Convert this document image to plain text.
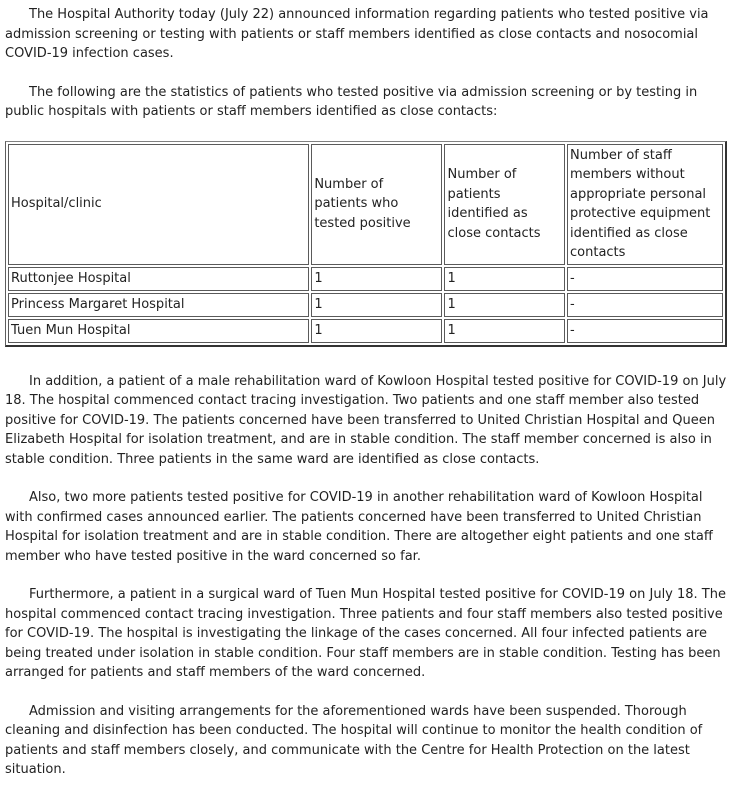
The Hospital Authority today (July 22) announced information regarding patients who tested positive via admission screening or testing with patients or staff members identified as close contacts and nosocomial COVID-19 infection cases.

The following are the statistics of patients who tested positive via admission screening or by testing in public hospitals with patients or staff members identified as close contacts:

Hospital/clinic	Number of patients who tested positive	Number of patients identified as close contacts	Number of staff members without appropriate personal protective equipment identified as close contacts
Ruttonjee Hospital	1	1	-
Princess Margaret Hospital	1	1	-
Tuen Mun Hospital	1	1	-

In addition, a patient of a male rehabilitation ward of Kowloon Hospital tested positive for COVID-19 on July 18. The hospital commenced contact tracing investigation. Two patients and one staff member also tested positive for COVID-19. The patients concerned have been transferred to United Christian Hospital and Queen Elizabeth Hospital for isolation treatment, and are in stable condition. The staff member concerned is also in stable condition. Three patients in the same ward are identified as close contacts.

Also, two more patients tested positive for COVID-19 in another rehabilitation ward of Kowloon Hospital with confirmed cases announced earlier. The patients concerned have been transferred to United Christian Hospital for isolation treatment and are in stable condition. There are altogether eight patients and one staff member who have tested positive in the ward concerned so far.

Furthermore, a patient in a surgical ward of Tuen Mun Hospital tested positive for COVID-19 on July 18. The hospital commenced contact tracing investigation. Three patients and four staff members also tested positive for COVID-19. The hospital is investigating the linkage of the cases concerned. All four infected patients are being treated under isolation in stable condition. Four staff members are in stable condition. Testing has been arranged for patients and staff members of the ward concerned.

Admission and visiting arrangements for the aforementioned wards have been suspended. Thorough cleaning and disinfection has been conducted. The hospital will continue to monitor the health condition of patients and staff members closely, and communicate with the Centre for Health Protection on the latest situation.
